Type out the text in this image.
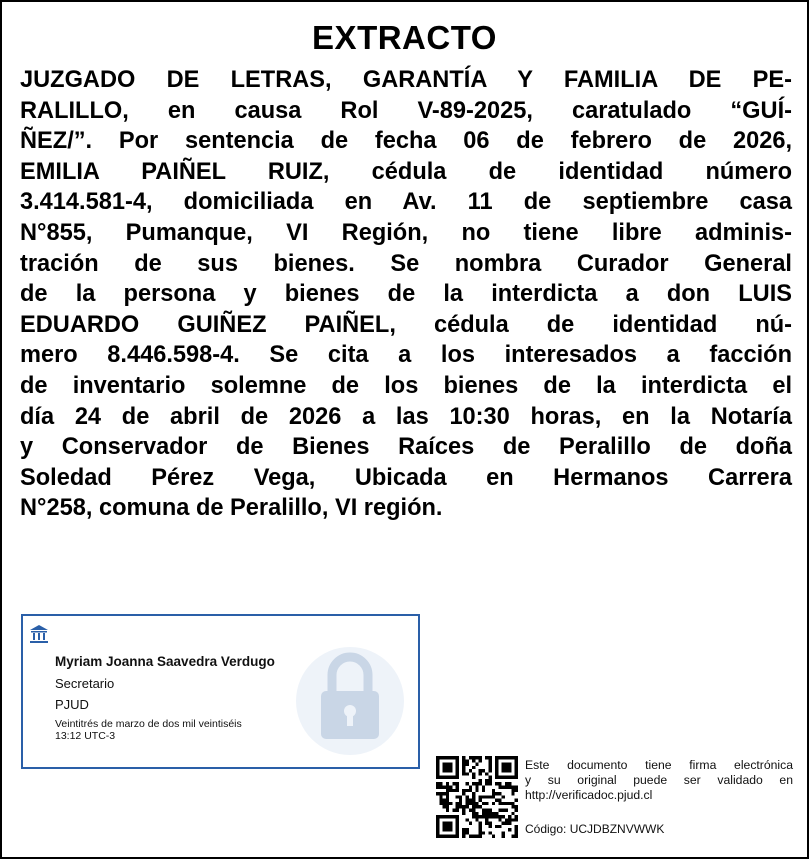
EXTRACTO
JUZGADO DE LETRAS, GARANTÍA Y FAMILIA DE PE-
RALILLO, en causa Rol V-89-2025, caratulado “GUÍ-
ÑEZ/”. Por sentencia de fecha 06 de febrero de 2026,
EMILIA PAIÑEL RUIZ, cédula de identidad número
3.414.581-4, domiciliada en Av. 11 de septiembre casa
N°855, Pumanque, VI Región, no tiene libre adminis-
tración de sus bienes. Se nombra Curador General
de la persona y bienes de la interdicta a don LUIS
EDUARDO GUIÑEZ PAIÑEL, cédula de identidad nú-
mero 8.446.598-4. Se cita a los interesados a facción
de inventario solemne de los bienes de la interdicta el
día 24 de abril de 2026 a las 10:30 horas, en la Notaría
y Conservador de Bienes Raíces de Peralillo de doña
Soledad Pérez Vega, Ubicada en Hermanos Carrera
N°258, comuna de Peralillo, VI región.
Myriam Joanna Saavedra Verdugo
Secretario
PJUD
Veintitrés de marzo de dos mil veintiséis
13:12 UTC-3
Este documento tiene firma electrónica
y su original puede ser validado en
http://verificadoc.pjud.cl
Código: UCJDBZNVWWK
